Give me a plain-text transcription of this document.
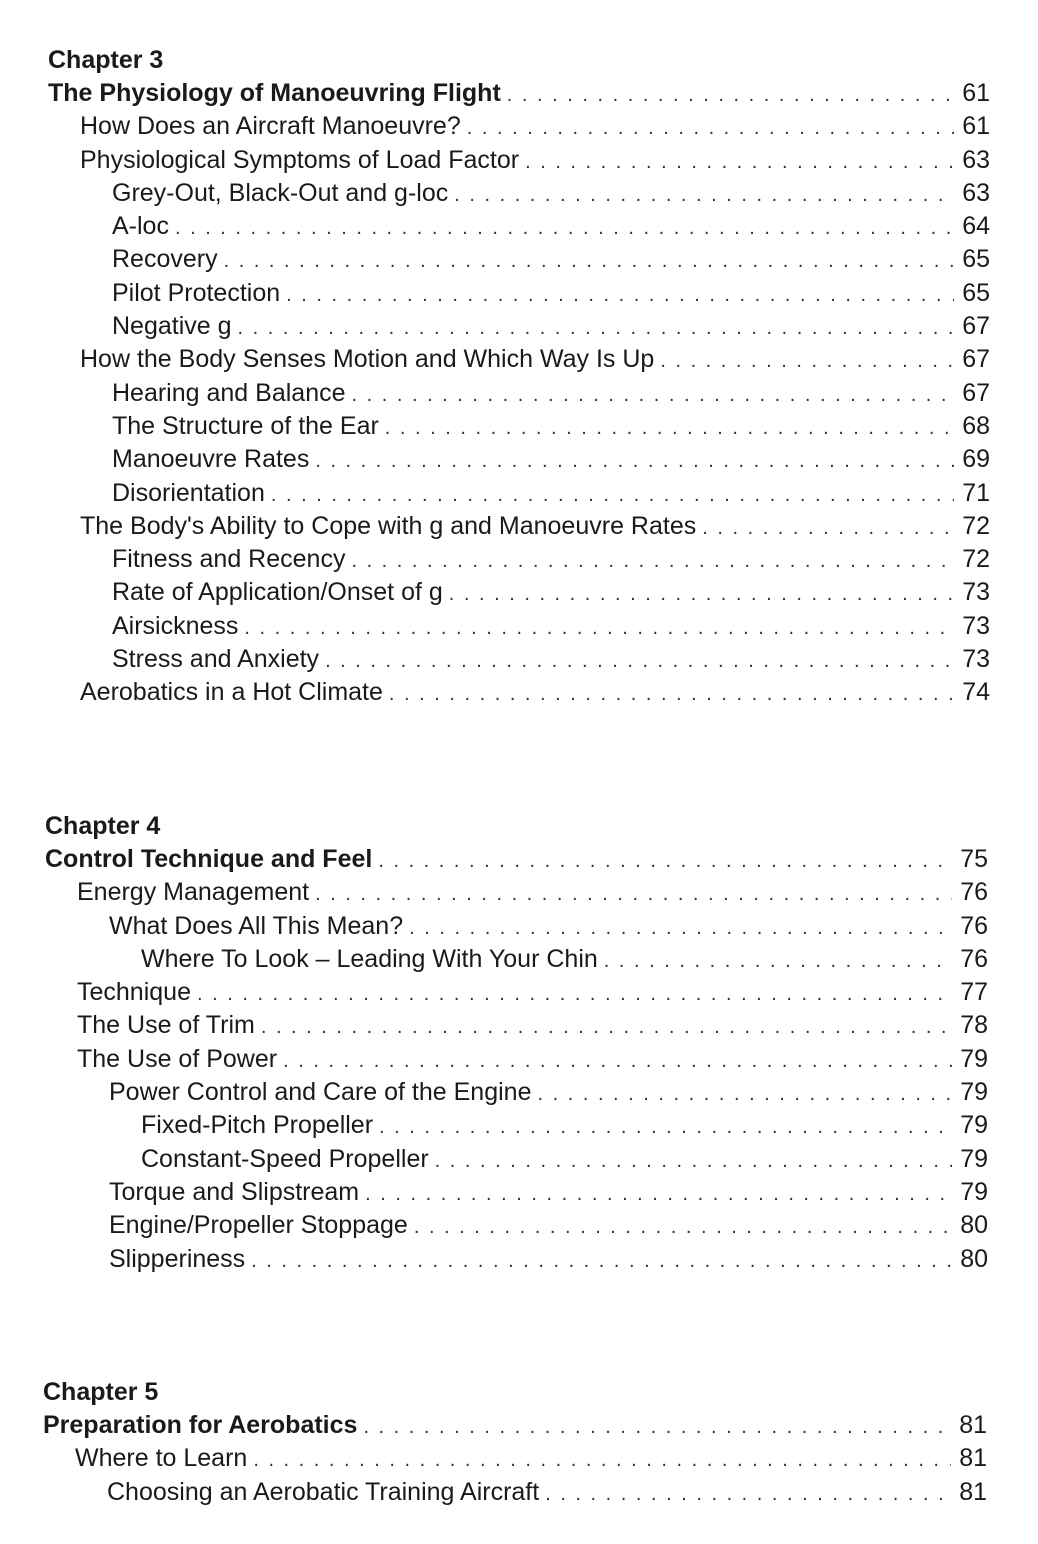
Chapter 3
The Physiology of Manoeuvring Flight . . .	61
How Does an Aircraft Manoeuvre? . . .	61
Physiological Symptoms of Load Factor . . .	63
Grey-Out, Black-Out and g-loc . . .	63
A-loc . . .	64
Recovery . . .	65
Pilot Protection . . .	65
Negative g . . .	67
How the Body Senses Motion and Which Way Is Up . . .	67
Hearing and Balance . . .	67
The Structure of the Ear . . .	68
Manoeuvre Rates . . .	69
Disorientation . . .	71
The Body's Ability to Cope with g and Manoeuvre Rates . . .	72
Fitness and Recency . . .	72
Rate of Application/Onset of g . . .	73
Airsickness . . .	73
Stress and Anxiety . . .	73
Aerobatics in a Hot Climate . . .	74
Chapter 4
Control Technique and Feel . . .	75
Energy Management . . .	76
What Does All This Mean? . . .	76
Where To Look – Leading With Your Chin . . .	76
Technique . . .	77
The Use of Trim . . .	78
The Use of Power . . .	79
Power Control and Care of the Engine . . .	79
Fixed-Pitch Propeller . . .	79
Constant-Speed Propeller . . .	79
Torque and Slipstream . . .	79
Engine/Propeller Stoppage . . .	80
Slipperiness . . .	80
Chapter 5
Preparation for Aerobatics . . .	81
Where to Learn . . .	81
Choosing an Aerobatic Training Aircraft . . .	81
